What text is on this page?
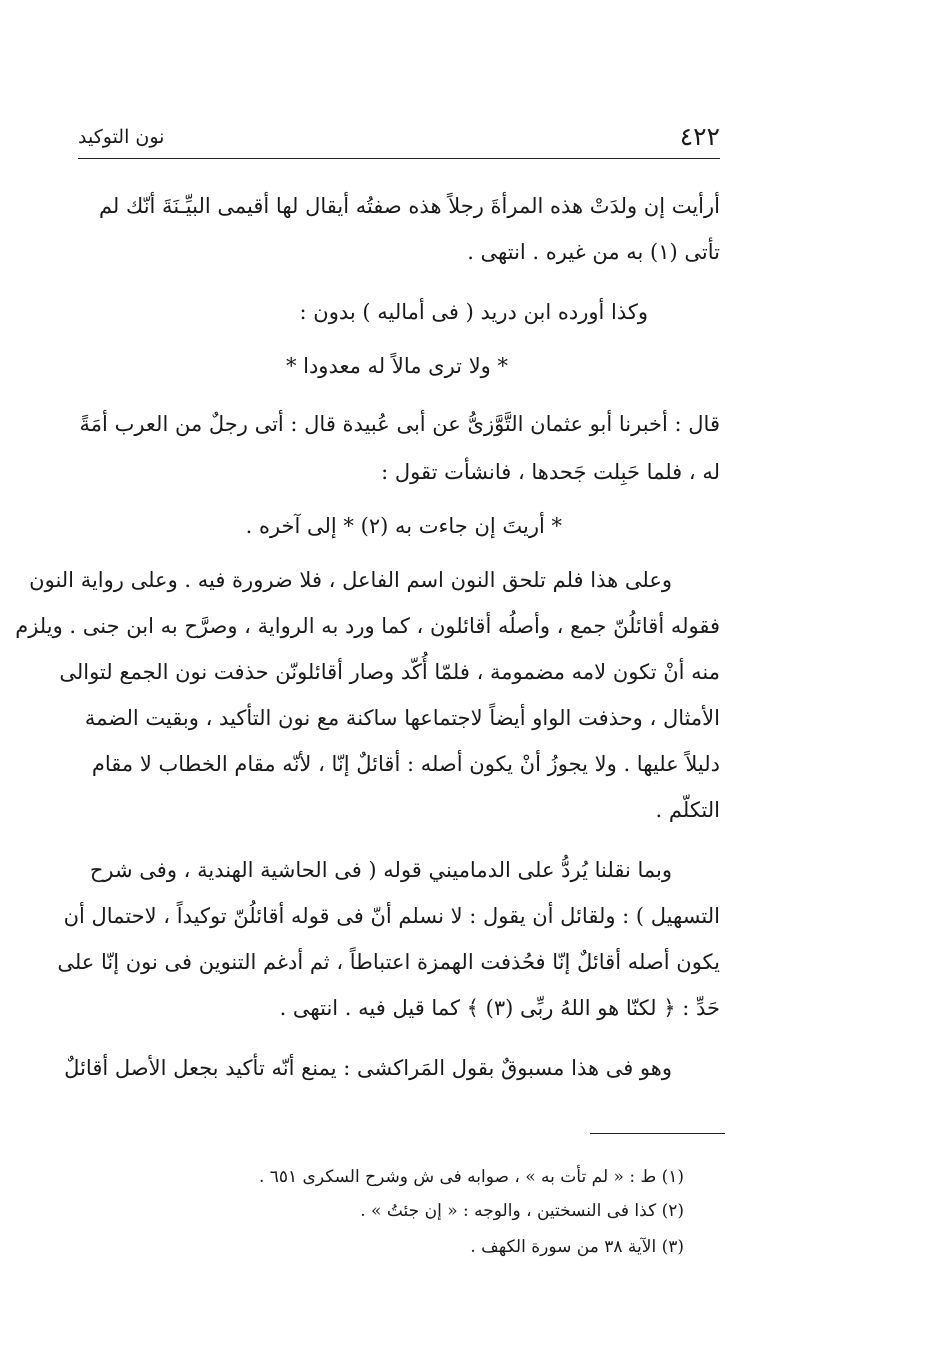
٤٢٢
نون التوكيد
أرأيت إن ولدَتْ هذه المرأةَ رجلاً هذه صفتُه أيقال لها أقيمى البيِّـنَةَ أنّك لم
تأتى (١) به من غيره . انتهى .
وكذا أورده ابن دريد ( فى أماليه ) بدون :
* ولا ترى مالاً له معدودا *
قال : أخبرنا أبو عثمان التَّوَّزىُّ عن أبى عُبيدة قال : أتى رجلٌ من العرب أمَةً
له ، فلما حَبِلت جَحدها ، فانشأت تقول :
* أريتَ إن جاءت به (٢) * إلى آخره .
وعلى هذا فلم تلحق النون اسم الفاعل ، فلا ضرورة فيه . وعلى رواية النون
فقوله أقائلُنّ جمع ، وأصلُه أقائلون ، كما ورد به الرواية ، وصرَّح به ابن جنى . ويلزم
منه أنْ تكون لامه مضمومة ، فلمّا أُكّد وصار أقائلونّن حذفت نون الجمع لتوالى
الأمثال ، وحذفت الواو أيضاً لاجتماعها ساكنة مع نون التأكيد ، وبقيت الضمة
دليلاً عليها . ولا يجوزُ أنْ يكون أصله : أقائلٌ إنّا ، لأنّه مقام الخطاب لا مقام
التكلّم .
وبما نقلنا يُردُّ على الدماميني قوله ( فى الحاشية الهندية ، وفى شرح
التسهيل ) : ولقائل أن يقول : لا نسلم أنّ فى قوله أقائلُنّ توكيداً ، لاحتمال أن
يكون أصله أقائلٌ إنّا فحُذفت الهمزة اعتباطاً ، ثم أدغم التنوين فى نون إنّا على
حَدِّ : ﴿ لكنّا هو اللهُ ربِّى (٣) ﴾ كما قيل فيه . انتهى .
وهو فى هذا مسبوقٌ بقول المَراكشى : يمنع أنّه تأكيد بجعل الأصل أقائلٌ
(١) ط : « لم تأت به » ، صوابه فى ش وشرح السكرى ٦٥١ .
(٢) كذا فى النسختين ، والوجه : « إن جئتُ » .
(٣) الآية ٣٨ من سورة الكهف .
